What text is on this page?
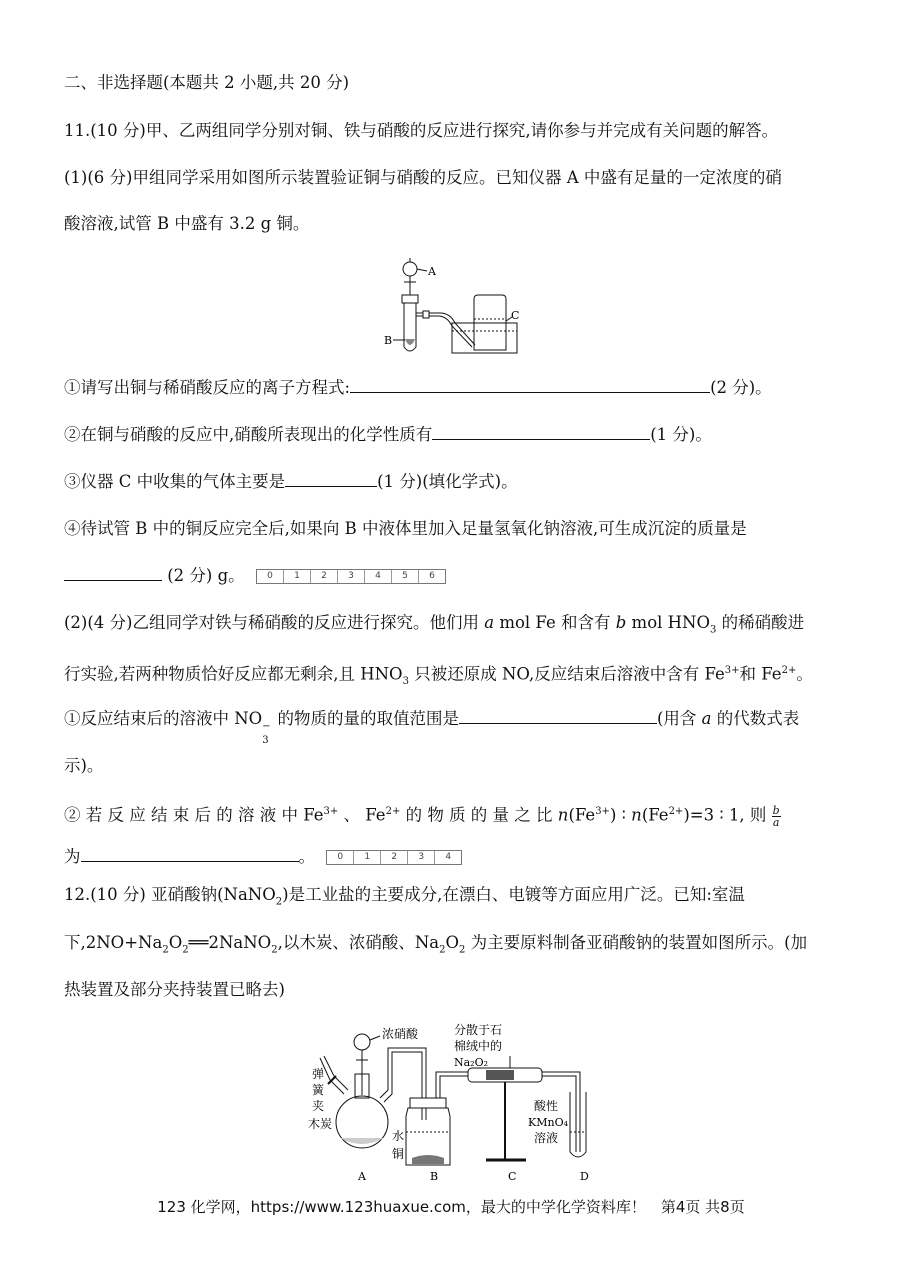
二、非选择题(本题共 2 小题,共 20 分)
11.(10 分)甲、乙两组同学分别对铜、铁与硝酸的反应进行探究,请你参与并完成有关问题的解答。
(1)(6 分)甲组同学采用如图所示装置验证铜与硝酸的反应。已知仪器 A 中盛有足量的一定浓度的硝
酸溶液,试管 B 中盛有 3.2 g 铜。
A
B
C
①请写出铜与稀硝酸反应的离子方程式:	(2 分)。
②在铜与硝酸的反应中,硝酸所表现出的化学性质有	(1 分)。
③仪器 C 中收集的气体主要是	(1 分)(填化学式)。
④待试管 B 中的铜反应完全后,如果向 B 中液体里加入足量氢氧化钠溶液,可生成沉淀的质量是
(2 分) g。	0	1	2	3	4	5	6
(2)(4 分)乙组同学对铁与稀硝酸的反应进行探究。他们用 a mol Fe 和含有 b mol $HNO_3$ 的稀硝酸进
行实验,若两种物质恰好反应都无剩余,且 $HNO_3$ 只被还原成 NO,反应结束后溶液中含有 $Fe^{3+}$和 $Fe^{2+}$。
①反应结束后的溶液中 NO −
3
的物质的量的取值范围是	(用含 a 的代数式表
示)。
② 若 反 应 结 束 后 的 溶 液 中 $Fe^{3+}$ 、 $Fe^{2+}$ 的 物 质 的 量 之 比 $n(Fe^{3+})$ ∶ $n(Fe^{2+})=3$ ∶ 1, 则 $\frac{b}{a}$
为	。	0	1	2	3	4
12.(10 分) 亚硝酸钠(NaNO$_2$)是工业盐的主要成分,在漂白、电镀等方面应用广泛。已知:室温
下$,2NO+Na_2O_2══2NaNO_2$,以木炭、浓硝酸、$Na_2O_2$ 为主要原料制备亚硝酸钠的装置如图所示。(加
热装置及部分夹持装置已略去)
浓硝酸
弹
簧
夹
木炭
水
铜
分散于石
棉绒中的
Na₂O₂
酸性
KMnO₄
溶液
A	B	C	D
123 化学网，https://www.123huaxue.com，最大的中学化学资料库！　第4页 共8页
